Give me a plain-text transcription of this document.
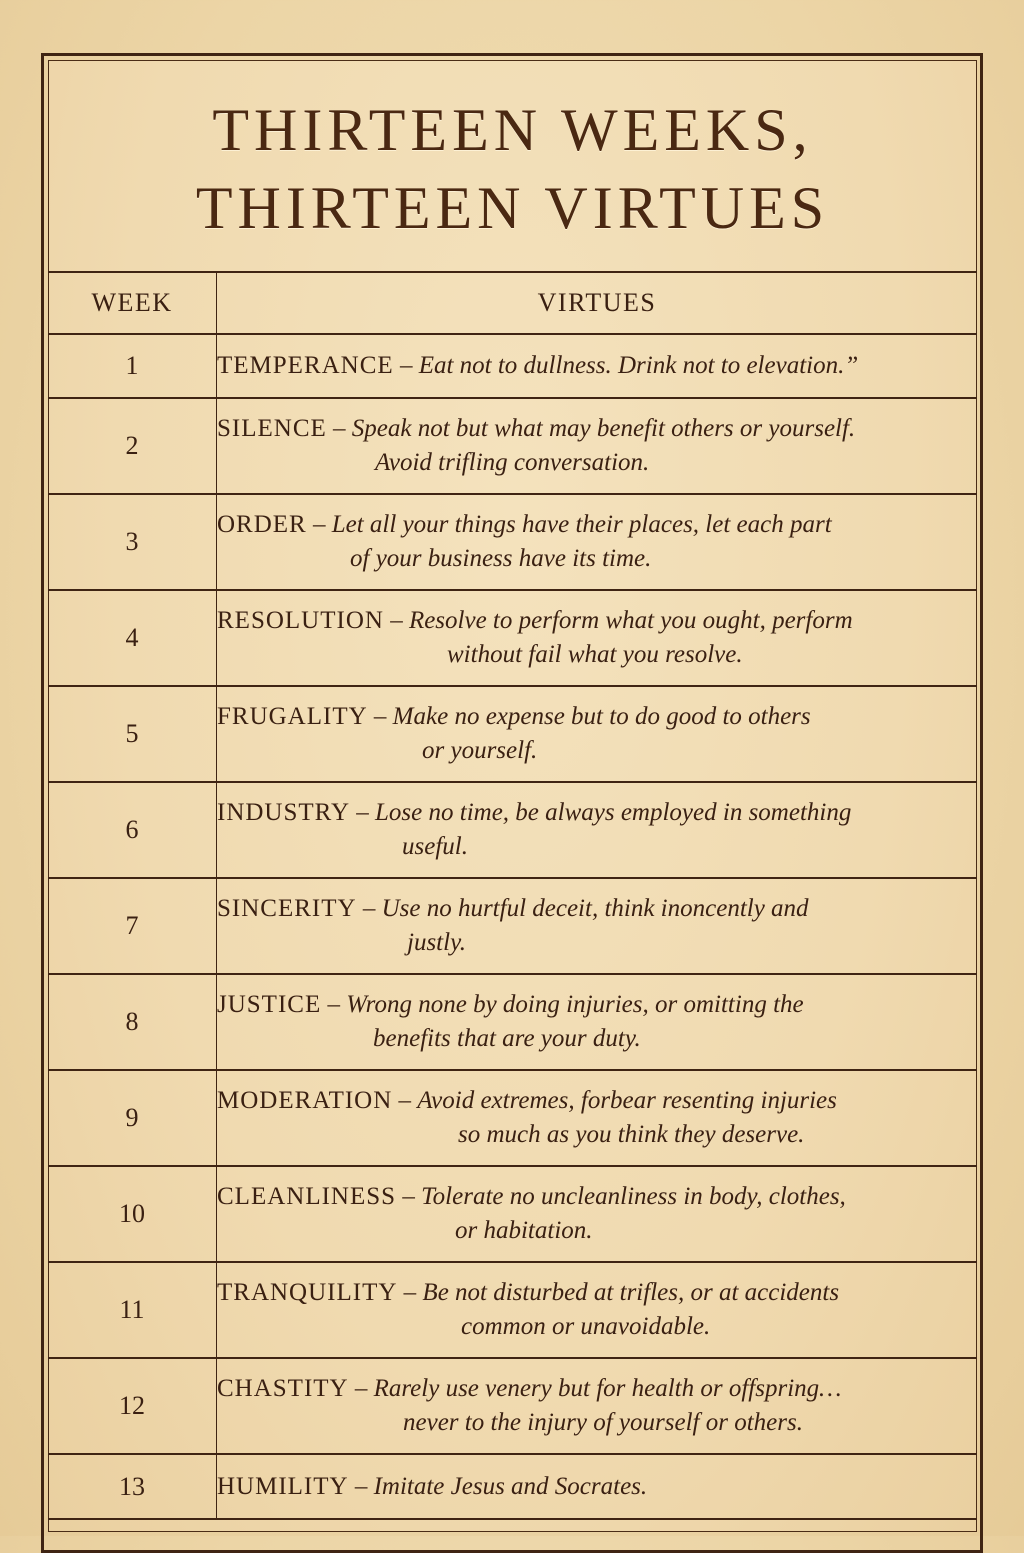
THIRTEEN WEEKS,
THIRTEEN VIRTUES
WEEK	VIRTUES
1	TEMPERANCE – Eat not to dullness. Drink not to elevation.”

2	SILENCE – Speak not but what may benefit others or yourself.
Avoid trifling conversation.

3	ORDER – Let all your things have their places, let each part
of your business have its time.

4	RESOLUTION – Resolve to perform what you ought, perform
without fail what you resolve.

5	FRUGALITY – Make no expense but to do good to others
or yourself.

6	INDUSTRY – Lose no time, be always employed in something
useful.

7	SINCERITY – Use no hurtful deceit, think inoncently and
justly.

8	JUSTICE – Wrong none by doing injuries, or omitting the
benefits that are your duty.

9	MODERATION – Avoid extremes, forbear resenting injuries
so much as you think they deserve.

10	CLEANLINESS – Tolerate no uncleanliness in body, clothes,
or habitation.

11	TRANQUILITY – Be not disturbed at trifles, or at accidents
common or unavoidable.

12	CHASTITY – Rarely use venery but for health or offspring…
never to the injury of yourself or others.

13	HUMILITY – Imitate Jesus and Socrates.
